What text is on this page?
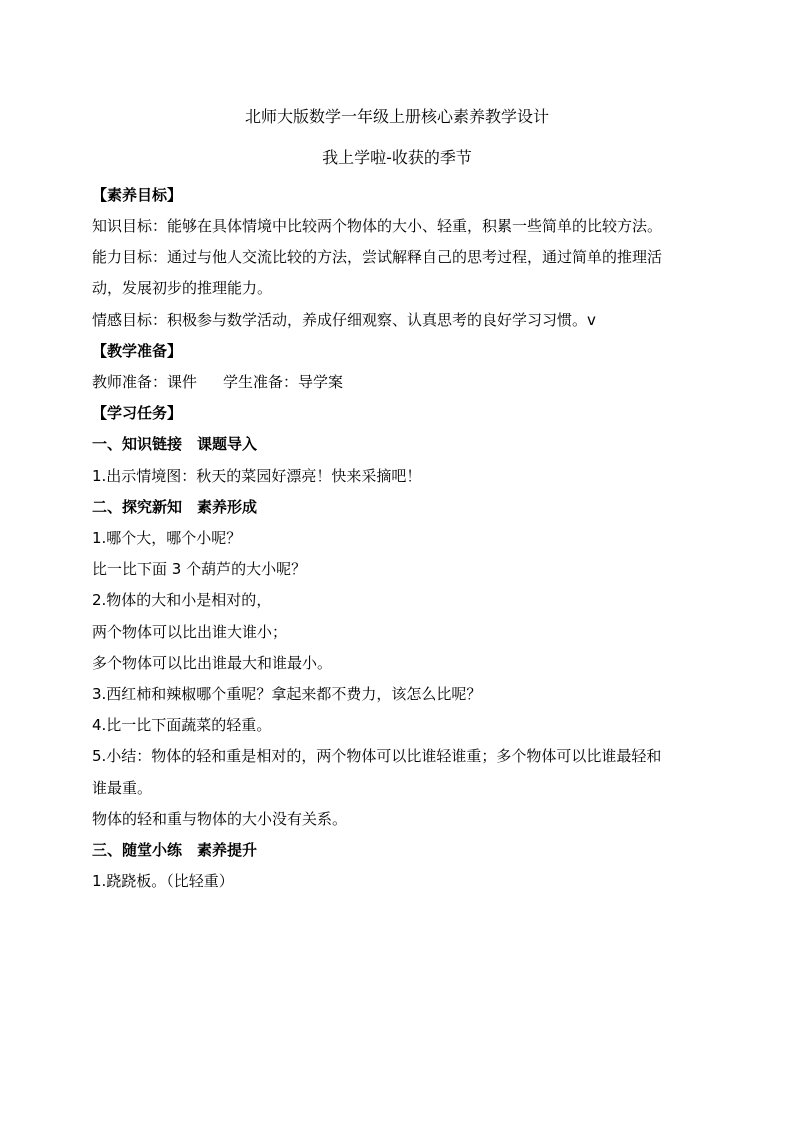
北师大版数学一年级上册核心素养教学设计
我上学啦-收获的季节
【素养目标】
知识目标：能够在具体情境中比较两个物体的大小、轻重，积累一些简单的比较方法。
能力目标：通过与他人交流比较的方法，尝试解释自己的思考过程，通过简单的推理活
动，发展初步的推理能力。
情感目标：积极参与数学活动，养成仔细观察、认真思考的良好学习习惯。v
【教学准备】
教师准备：课件 学生准备：导学案
【学习任务】
一、知识链接　课题导入
1.出示情境图：秋天的菜园好漂亮！快来采摘吧！
二、探究新知　素养形成
1.哪个大，哪个小呢？
比一比下面 3 个葫芦的大小呢？
2.物体的大和小是相对的，
两个物体可以比出谁大谁小；
多个物体可以比出谁最大和谁最小。
3.西红柿和辣椒哪个重呢？拿起来都不费力，该怎么比呢？
4.比一比下面蔬菜的轻重。
5.小结：物体的轻和重是相对的，两个物体可以比谁轻谁重；多个物体可以比谁最轻和
谁最重。
物体的轻和重与物体的大小没有关系。
三、随堂小练　素养提升
1.跷跷板。（比轻重）
